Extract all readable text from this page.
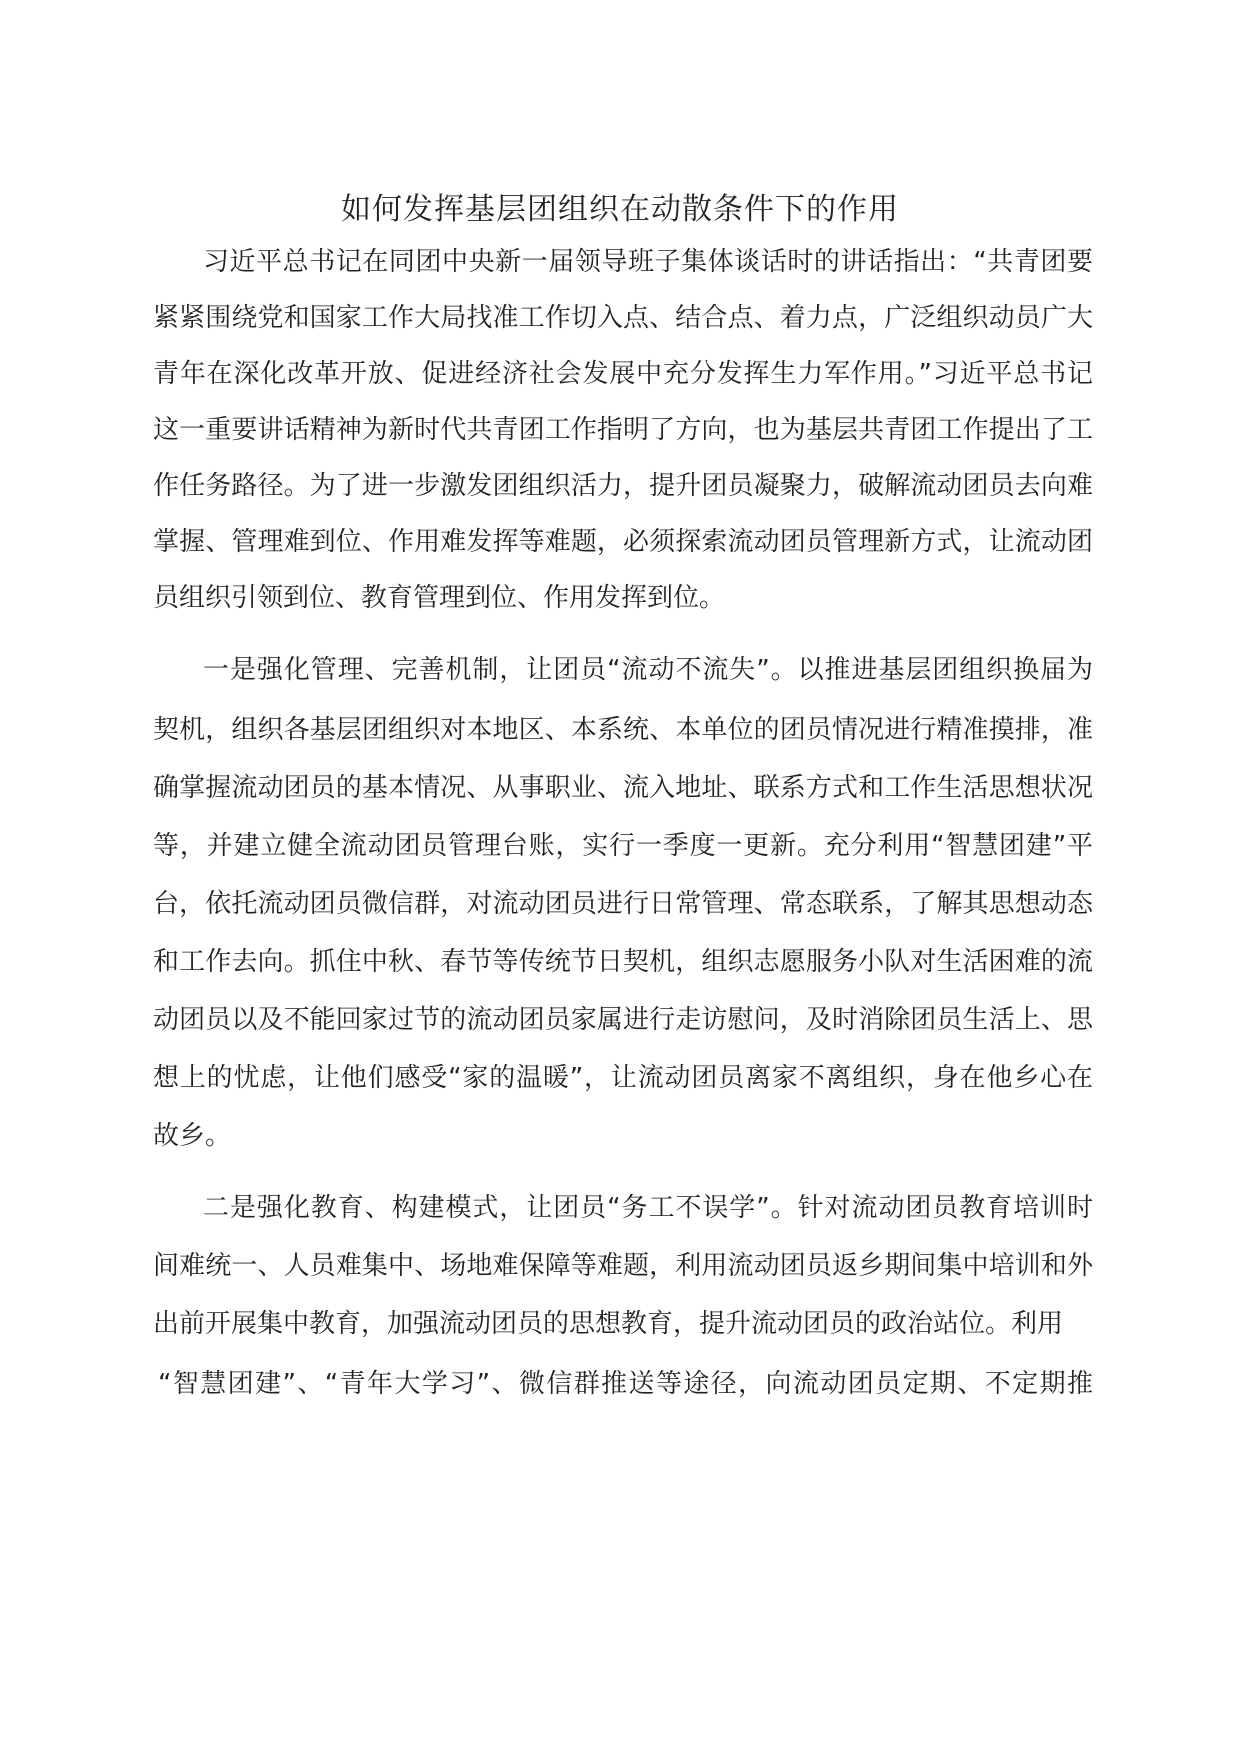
如何发挥基层团组织在动散条件下的作用

习近平总书记在同团中央新一届领导班子集体谈话时的讲话指出：“共青团要

紧紧围绕党和国家工作大局找准工作切入点、结合点、着力点，广泛组织动员广大

青年在深化改革开放、促进经济社会发展中充分发挥生力军作用。”习近平总书记

这一重要讲话精神为新时代共青团工作指明了方向，也为基层共青团工作提出了工

作任务路径。为了进一步激发团组织活力，提升团员凝聚力，破解流动团员去向难

掌握、管理难到位、作用难发挥等难题，必须探索流动团员管理新方式，让流动团

员组织引领到位、教育管理到位、作用发挥到位。

一是强化管理、完善机制，让团员“流动不流失”。以推进基层团组织换届为

契机，组织各基层团组织对本地区、本系统、本单位的团员情况进行精准摸排，准

确掌握流动团员的基本情况、从事职业、流入地址、联系方式和工作生活思想状况

等，并建立健全流动团员管理台账，实行一季度一更新。充分利用“智慧团建”平

台，依托流动团员微信群，对流动团员进行日常管理、常态联系，了解其思想动态

和工作去向。抓住中秋、春节等传统节日契机，组织志愿服务小队对生活困难的流

动团员以及不能回家过节的流动团员家属进行走访慰问，及时消除团员生活上、思

想上的忧虑，让他们感受“家的温暖”，让流动团员离家不离组织，身在他乡心在

故乡。

二是强化教育、构建模式，让团员“务工不误学”。针对流动团员教育培训时

间难统一、人员难集中、场地难保障等难题，利用流动团员返乡期间集中培训和外

出前开展集中教育，加强流动团员的思想教育，提升流动团员的政治站位。利用

“智慧团建”、“青年大学习”、微信群推送等途径，向流动团员定期、不定期推
